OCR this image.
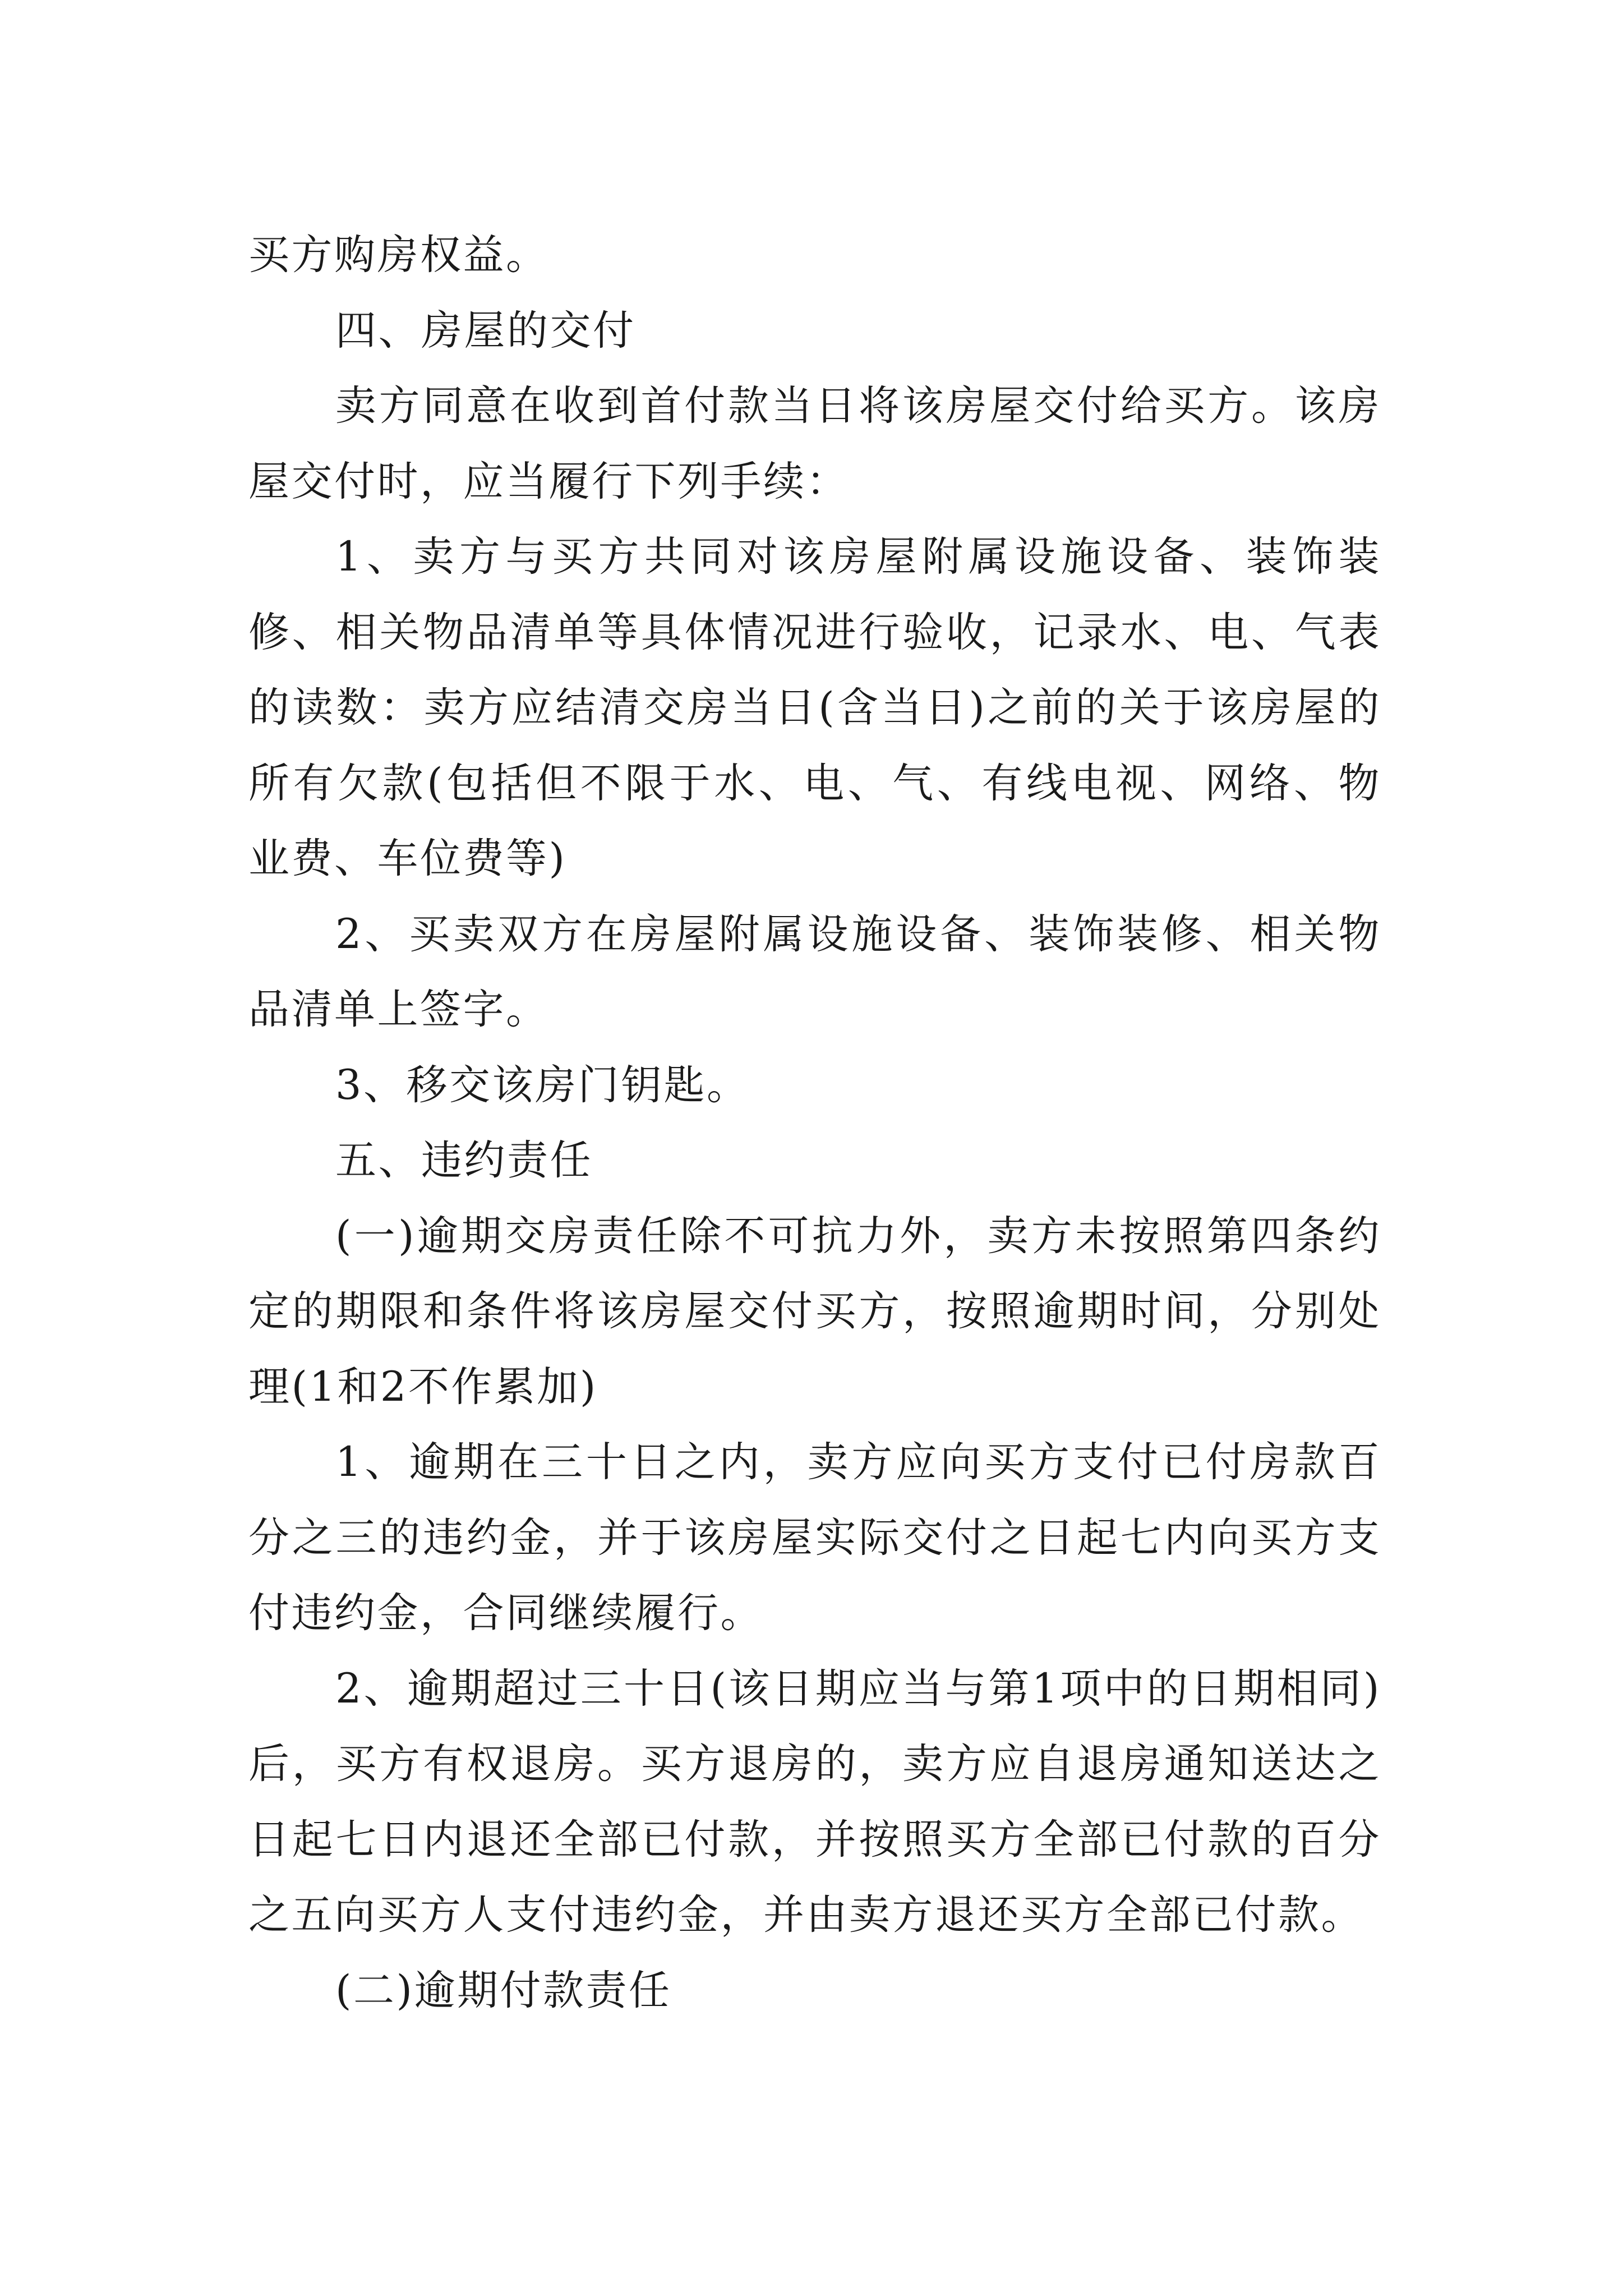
买方购房权益。

四、房屋的交付

卖方同意在收到首付款当日将该房屋交付给买方。该房屋交付时，应当履行下列手续：

1、卖方与买方共同对该房屋附属设施设备、装饰装修、相关物品清单等具体情况进行验收，记录水、电、气表的读数：卖方应结清交房当日(含当日)之前的关于该房屋的所有欠款(包括但不限于水、电、气、有线电视、网络、物业费、车位费等)

2、买卖双方在房屋附属设施设备、装饰装修、相关物品清单上签字。

3、移交该房门钥匙。

五、违约责任

(一)逾期交房责任除不可抗力外，卖方未按照第四条约定的期限和条件将该房屋交付买方，按照逾期时间，分别处理(1和2不作累加)

1、逾期在三十日之内，卖方应向买方支付已付房款百分之三的违约金，并于该房屋实际交付之日起七内向买方支付违约金，合同继续履行。

2、逾期超过三十日(该日期应当与第1项中的日期相同)后，买方有权退房。买方退房的，卖方应自退房通知送达之日起七日内退还全部已付款，并按照买方全部已付款的百分之五向买方人支付违约金，并由卖方退还买方全部已付款。

(二)逾期付款责任
